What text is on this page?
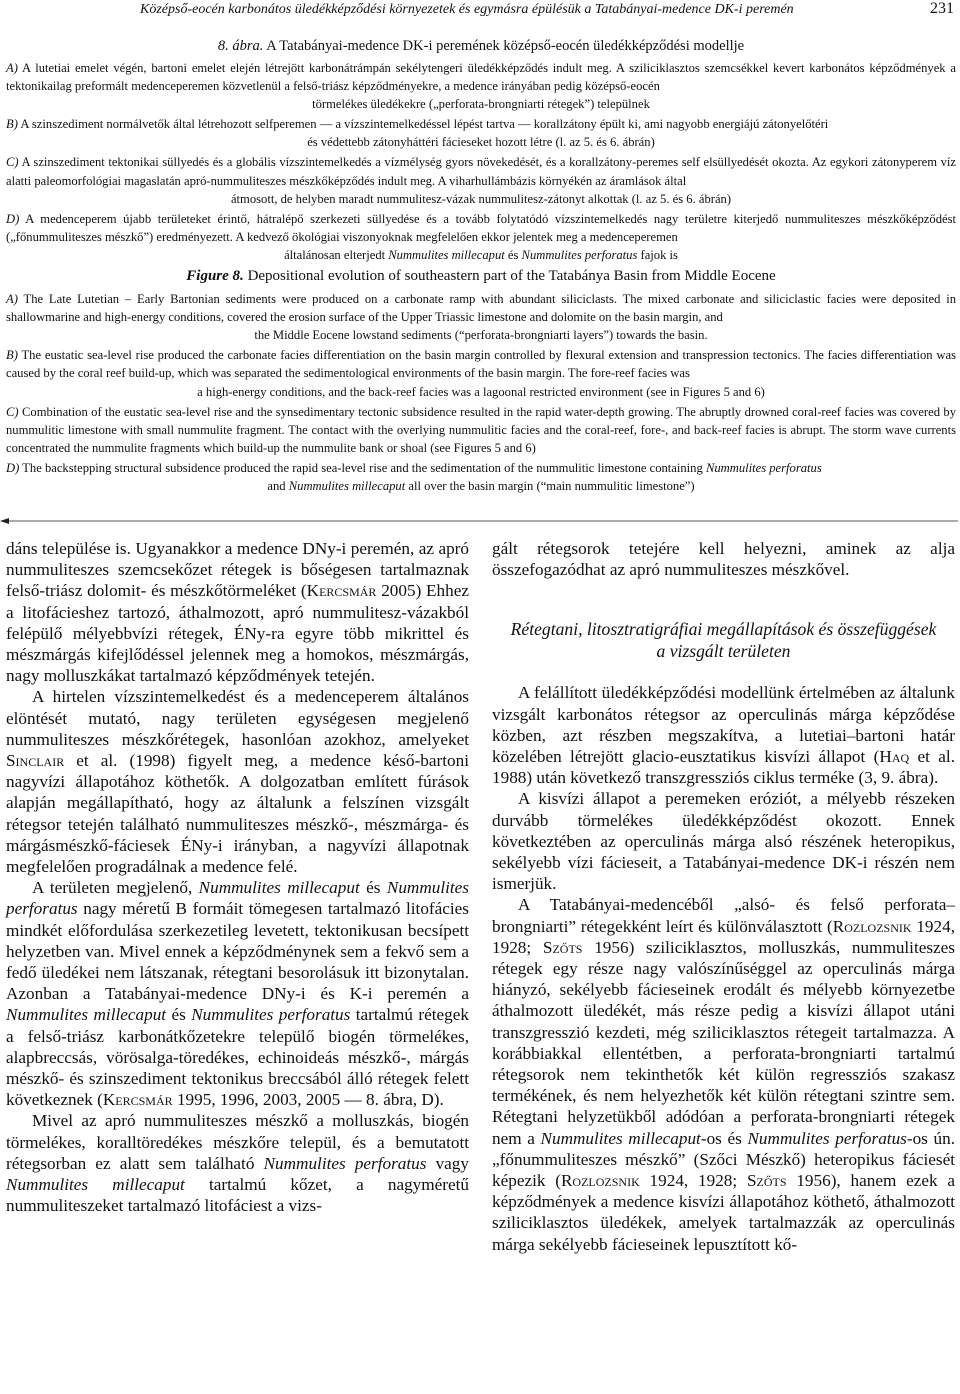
Középső-eocén karbonátos üledékképződési környezetek és egymásra épülésük a Tatabányai-medence DK-i peremén	231
8. ábra. A Tatabányai-medence DK-i peremének középső-eocén üledékképződési modellje

A) A lutetiai emelet végén, bartoni emelet elején létrejött karbonátrámpán sekélytengeri üledékképződés indult meg. A sziliciklasztos szemcsékkel kevert karbonátos képződmények a tektonikailag preformált medenceperemen közvetlenül a felső-triász képződményekre, a medence irányában pedig középső-eocén
törmelékes üledékekre („perforata-brongniarti rétegek”) települnek

B) A szinszediment normálvetők által létrehozott selfperemen — a vízszintemelkedéssel lépést tartva — korallzátony épült ki, ami nagyobb energiájú zátonyelőtéri
és védettebb zátonyháttéri fácieseket hozott létre (l. az 5. és 6. ábrán)

C) A szinszediment tektonikai süllyedés és a globális vízszintemelkedés a vízmélység gyors növekedését, és a korallzátony-peremes self elsüllyedését okozta. Az egykori zátonyperem víz alatti paleomorfológiai magaslatán apró-nummuliteszes mészkőképződés indult meg. A viharhullámbázis környékén az áramlások által
átmosott, de helyben maradt nummulitesz-vázak nummulitesz-zátonyt alkottak (l. az 5. és 6. ábrán)

D) A medenceperem újabb területeket érintő, hátralépő szerkezeti süllyedése és a tovább folytatódó vízszintemelkedés nagy területre kiterjedő nummuliteszes mészkőképződést („főnummuliteszes mészkő”) eredményezett. A kedvező ökológiai viszonyoknak megfelelően ekkor jelentek meg a medenceperemen
általánosan elterjedt Nummulites millecaput és Nummulites perforatus fajok is

Figure 8. Depositional evolution of southeastern part of the Tatabánya Basin from Middle Eocene

A) The Late Lutetian – Early Bartonian sediments were produced on a carbonate ramp with abundant siliciclasts. The mixed carbonate and siliciclastic facies were deposited in shallowmarine and high-energy conditions, covered the erosion surface of the Upper Triassic limestone and dolomite on the basin margin, and
the Middle Eocene lowstand sediments (“perforata-brongniarti layers”) towards the basin.

B) The eustatic sea-level rise produced the carbonate facies differentiation on the basin margin controlled by flexural extension and transpression tectonics. The facies differentiation was caused by the coral reef build-up, which was separated the sedimentological environments of the basin margin. The fore-reef facies was
a high-energy conditions, and the back-reef facies was a lagoonal restricted environment (see in Figures 5 and 6)

C) Combination of the eustatic sea-level rise and the synsedimentary tectonic subsidence resulted in the rapid water-depth growing. The abruptly drowned coral-reef facies was covered by nummulitic limestone with small nummulite fragment. The contact with the overlying nummulitic facies and the coral-reef, fore-, and back-reef facies is abrupt. The storm wave currents concentrated the nummulite fragments which build-up the nummulite bank or shoal (see Figures 5 and 6)

D) The backstepping structural subsidence produced the rapid sea-level rise and the sedimentation of the nummulitic limestone containing Nummulites perforatus
and Nummulites millecaput all over the basin margin (“main nummulitic limestone”)

dáns települése is. Ugyanakkor a medence DNy-i peremén, az apró nummuliteszes szemcsekőzet rétegek is bőségesen tartalmaznak felső-triász dolomit- és mészkőtörmeléket (Kercsmár 2005) Ehhez a litofácieshez tartozó, áthalmozott, apró nummulitesz-vázakból felépülő mélyebbvízi rétegek, ÉNy-ra egyre több mikrittel és mészmárgás kifejlődéssel jelennek meg a homokos, mészmárgás, nagy molluszkákat tartalmazó képződmények tetején.

A hirtelen vízszintemelkedést és a medenceperem általános elöntését mutató, nagy területen egységesen megjelenő nummuliteszes mészkőrétegek, hasonlóan azokhoz, amelyeket Sinclair et al. (1998) figyelt meg, a medence késő-bartoni nagyvízi állapotához köthetők. A dolgozatban említett fúrások alapján megállapítható, hogy az általunk a felszínen vizsgált rétegsor tetején található nummuliteszes mészkő-, mészmárga- és márgásmészkő-fáciesek ÉNy-i irányban, a nagyvízi állapotnak megfelelően progradálnak a medence felé.

A területen megjelenő, Nummulites millecaput és Nummulites perforatus nagy méretű B formáit tömegesen tartalmazó litofácies mindkét előfordulása szerkezetileg levetett, tektonikusan becsípett helyzetben van. Mivel ennek a képződménynek sem a fekvő sem a fedő üledékei nem látszanak, rétegtani besorolásuk itt bizonytalan. Azonban a Tatabányai-medence DNy-i és K-i peremén a Nummulites millecaput és Nummulites perforatus tartalmú rétegek a felső-triász karbonátkőzetekre települő biogén törmelékes, alapbreccsás, vörösalga-töredékes, echinoideás mészkő-, márgás mészkő- és szinszediment tektonikus breccsából álló rétegek felett következnek (Kercsmár 1995, 1996, 2003, 2005 — 8. ábra, D).

Mivel az apró nummuliteszes mészkő a molluszkás, biogén törmelékes, koralltöredékes mészkőre települ, és a bemutatott rétegsorban ez alatt sem található Nummulites perforatus vagy Nummulites millecaput tartalmú kőzet, a nagyméretű nummuliteszeket tartalmazó litofáciest a vizs-

gált rétegsorok tetejére kell helyezni, aminek az alja összefogazódhat az apró nummuliteszes mészkővel.

Rétegtani, litosztratigráfiai megállapítások és összefüggések a vizsgált területen

A felállított üledékképződési modellünk értelmében az általunk vizsgált karbonátos rétegsor az operculinás márga képződése közben, azt részben megszakítva, a lutetiai–bartoni határ közelében létrejött glacio-eusztatikus kisvízi állapot (Haq et al. 1988) után következő transzgressziós ciklus terméke (3, 9. ábra).

A kisvízi állapot a peremeken eróziót, a mélyebb részeken durvább törmelékes üledékképződést okozott. Ennek következtében az operculinás márga alsó részének heteropikus, sekélyebb vízi fácieseit, a Tatabányai-medence DK-i részén nem ismerjük.

A Tatabányai-medencéből „alsó- és felső perforata–brongniarti” rétegekként leírt és különválasztott (Rozlozsnik 1924, 1928; Szőts 1956) sziliciklasztos, molluszkás, nummuliteszes rétegek egy része nagy valószínűséggel az operculinás márga hiányzó, sekélyebb fácieseinek erodált és mélyebb környezetbe áthalmozott üledékét, más része pedig a kisvízi állapot utáni transzgresszió kezdeti, még sziliciklasztos rétegeit tartalmazza. A korábbiakkal ellentétben, a perforata-brongniarti tartalmú rétegsorok nem tekinthetők két külön regressziós szakasz termékének, és nem helyezhetők két külön rétegtani szintre sem. Rétegtani helyzetükből adódóan a perforata-brongniarti rétegek nem a Nummulites millecaput-os és Nummulites perforatus-os ún. „főnummuliteszes mészkő” (Szőci Mészkő) heteropikus fáciesét képezik (Rozlozsnik 1924, 1928; Szőts 1956), hanem ezek a képződmények a medence kisvízi állapotához köthető, áthalmozott sziliciklasztos üledékek, amelyek tartalmazzák az operculinás márga sekélyebb fácieseinek lepusztított kő-
